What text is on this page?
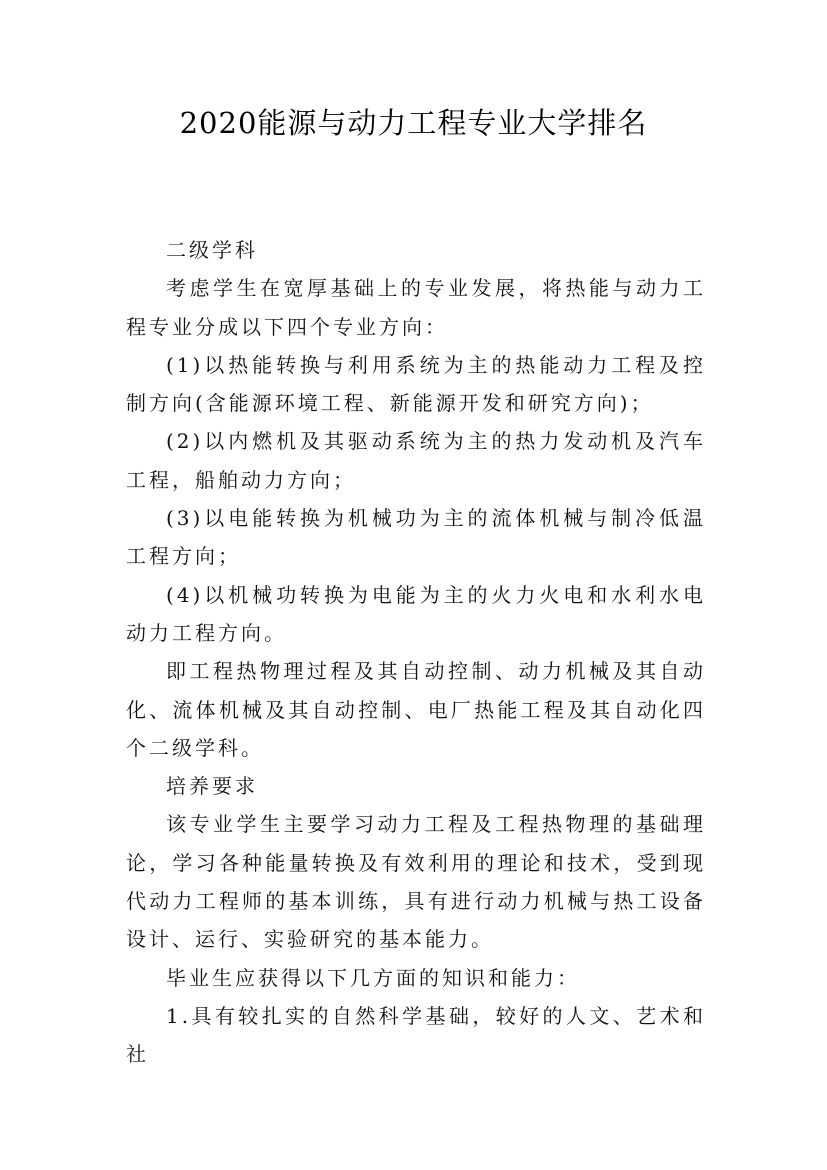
2020能源与动力工程专业大学排名

二级学科

考虑学生在宽厚基础上的专业发展，将热能与动力工程专业分成以下四个专业方向：

(1)以热能转换与利用系统为主的热能动力工程及控制方向(含能源环境工程、新能源开发和研究方向)；

(2)以内燃机及其驱动系统为主的热力发动机及汽车工程，船舶动力方向；

(3)以电能转换为机械功为主的流体机械与制冷低温工程方向；

(4)以机械功转换为电能为主的火力火电和水利水电动力工程方向。

即工程热物理过程及其自动控制、动力机械及其自动化、流体机械及其自动控制、电厂热能工程及其自动化四个二级学科。

培养要求

该专业学生主要学习动力工程及工程热物理的基础理论，学习各种能量转换及有效利用的理论和技术，受到现代动力工程师的基本训练，具有进行动力机械与热工设备设计、运行、实验研究的基本能力。

毕业生应获得以下几方面的知识和能力：

1.具有较扎实的自然科学基础，较好的人文、艺术和社
